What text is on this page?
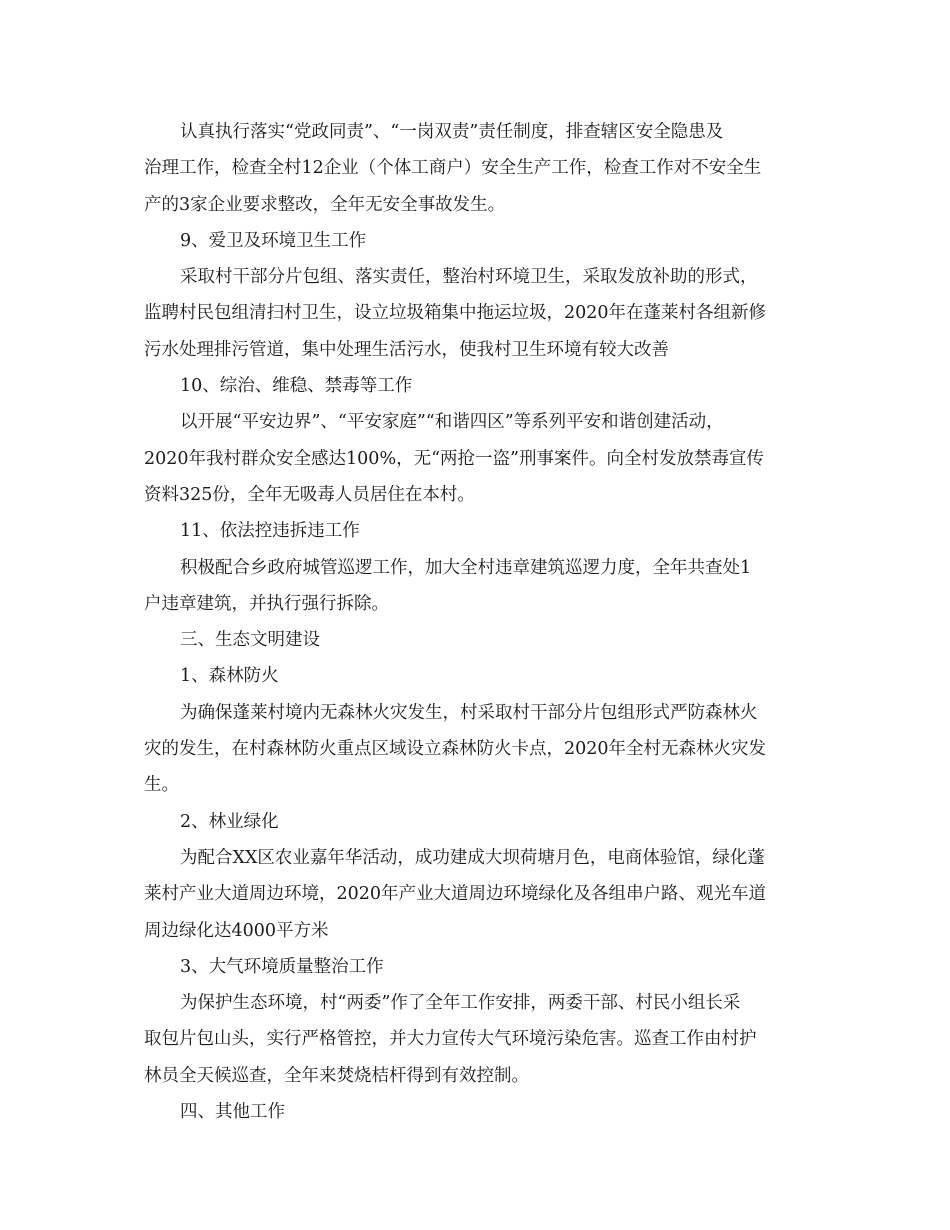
认真执行落实“党政同责”、“一岗双责”责任制度，排查辖区安全隐患及
治理工作，检查全村12企业（个体工商户）安全生产工作，检查工作对不安全生
产的3家企业要求整改，全年无安全事故发生。
9、爱卫及环境卫生工作
采取村干部分片包组、落实责任，整治村环境卫生，采取发放补助的形式，
监聘村民包组清扫村卫生，设立垃圾箱集中拖运垃圾，2020年在蓬莱村各组新修
污水处理排污管道，集中处理生活污水，使我村卫生环境有较大改善
10、综治、维稳、禁毒等工作
以开展“平安边界”、“平安家庭”“和谐四区”等系列平安和谐创建活动，
2020年我村群众安全感达100%，无“两抢一盗”刑事案件。向全村发放禁毒宣传
资料325份，全年无吸毒人员居住在本村。
11、依法控违拆违工作
积极配合乡政府城管巡逻工作，加大全村违章建筑巡逻力度，全年共查处1
户违章建筑，并执行强行拆除。
三、生态文明建设
1、森林防火
为确保蓬莱村境内无森林火灾发生，村采取村干部分片包组形式严防森林火
灾的发生，在村森林防火重点区域设立森林防火卡点，2020年全村无森林火灾发
生。
2、林业绿化
为配合XX区农业嘉年华活动，成功建成大坝荷塘月色，电商体验馆，绿化蓬
莱村产业大道周边环境，2020年产业大道周边环境绿化及各组串户路、观光车道
周边绿化达4000平方米
3、大气环境质量整治工作
为保护生态环境，村“两委”作了全年工作安排，两委干部、村民小组长采
取包片包山头，实行严格管控，并大力宣传大气环境污染危害。巡查工作由村护
林员全天候巡查，全年来焚烧桔杆得到有效控制。
四、其他工作
